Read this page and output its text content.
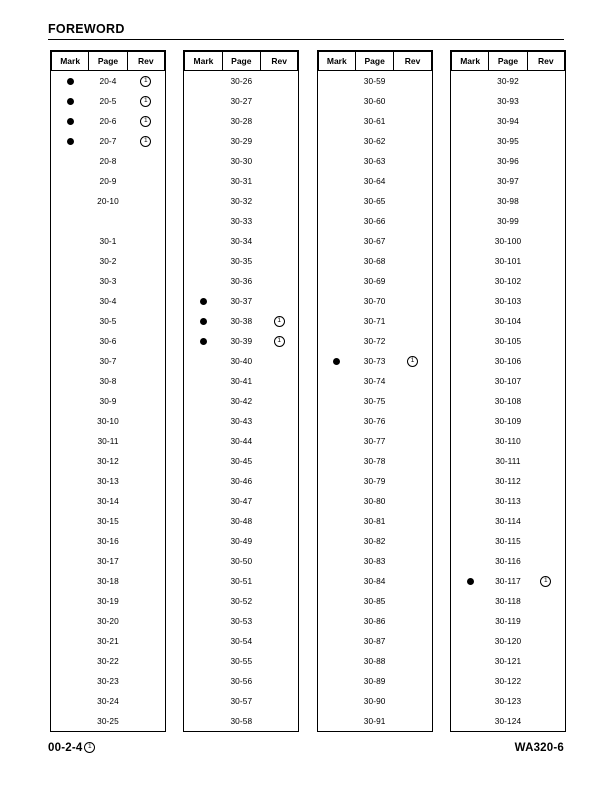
FOREWORD
Mark	Page	Rev
	20-4	1
	20-5	1
	20-6	1
	20-7	1
	20-8	
	20-9	
	20-10	

	30-1	
	30-2	
	30-3	
	30-4	
	30-5	
	30-6	
	30-7	
	30-8	
	30-9	
	30-10	
	30-11	
	30-12	
	30-13	
	30-14	
	30-15	
	30-16	
	30-17	
	30-18	
	30-19	
	30-20	
	30-21	
	30-22	
	30-23	
	30-24	
	30-25	
Mark	Page	Rev
	30-26	
	30-27	
	30-28	
	30-29	
	30-30	
	30-31	
	30-32	
	30-33	
	30-34	
	30-35	
	30-36	
	30-37	
	30-38	1
	30-39	1
	30-40	
	30-41	
	30-42	
	30-43	
	30-44	
	30-45	
	30-46	
	30-47	
	30-48	
	30-49	
	30-50	
	30-51	
	30-52	
	30-53	
	30-54	
	30-55	
	30-56	
	30-57	
	30-58	
Mark	Page	Rev
	30-59	
	30-60	
	30-61	
	30-62	
	30-63	
	30-64	
	30-65	
	30-66	
	30-67	
	30-68	
	30-69	
	30-70	
	30-71	
	30-72	
	30-73	1
	30-74	
	30-75	
	30-76	
	30-77	
	30-78	
	30-79	
	30-80	
	30-81	
	30-82	
	30-83	
	30-84	
	30-85	
	30-86	
	30-87	
	30-88	
	30-89	
	30-90	
	30-91	
Mark	Page	Rev
	30-92	
	30-93	
	30-94	
	30-95	
	30-96	
	30-97	
	30-98	
	30-99	
	30-100	
	30-101	
	30-102	
	30-103	
	30-104	
	30-105	
	30-106	
	30-107	
	30-108	
	30-109	
	30-110	
	30-111	
	30-112	
	30-113	
	30-114	
	30-115	
	30-116	
	30-117	1
	30-118	
	30-119	
	30-120	
	30-121	
	30-122	
	30-123	
	30-124	
00-2-4 1	WA320-6
